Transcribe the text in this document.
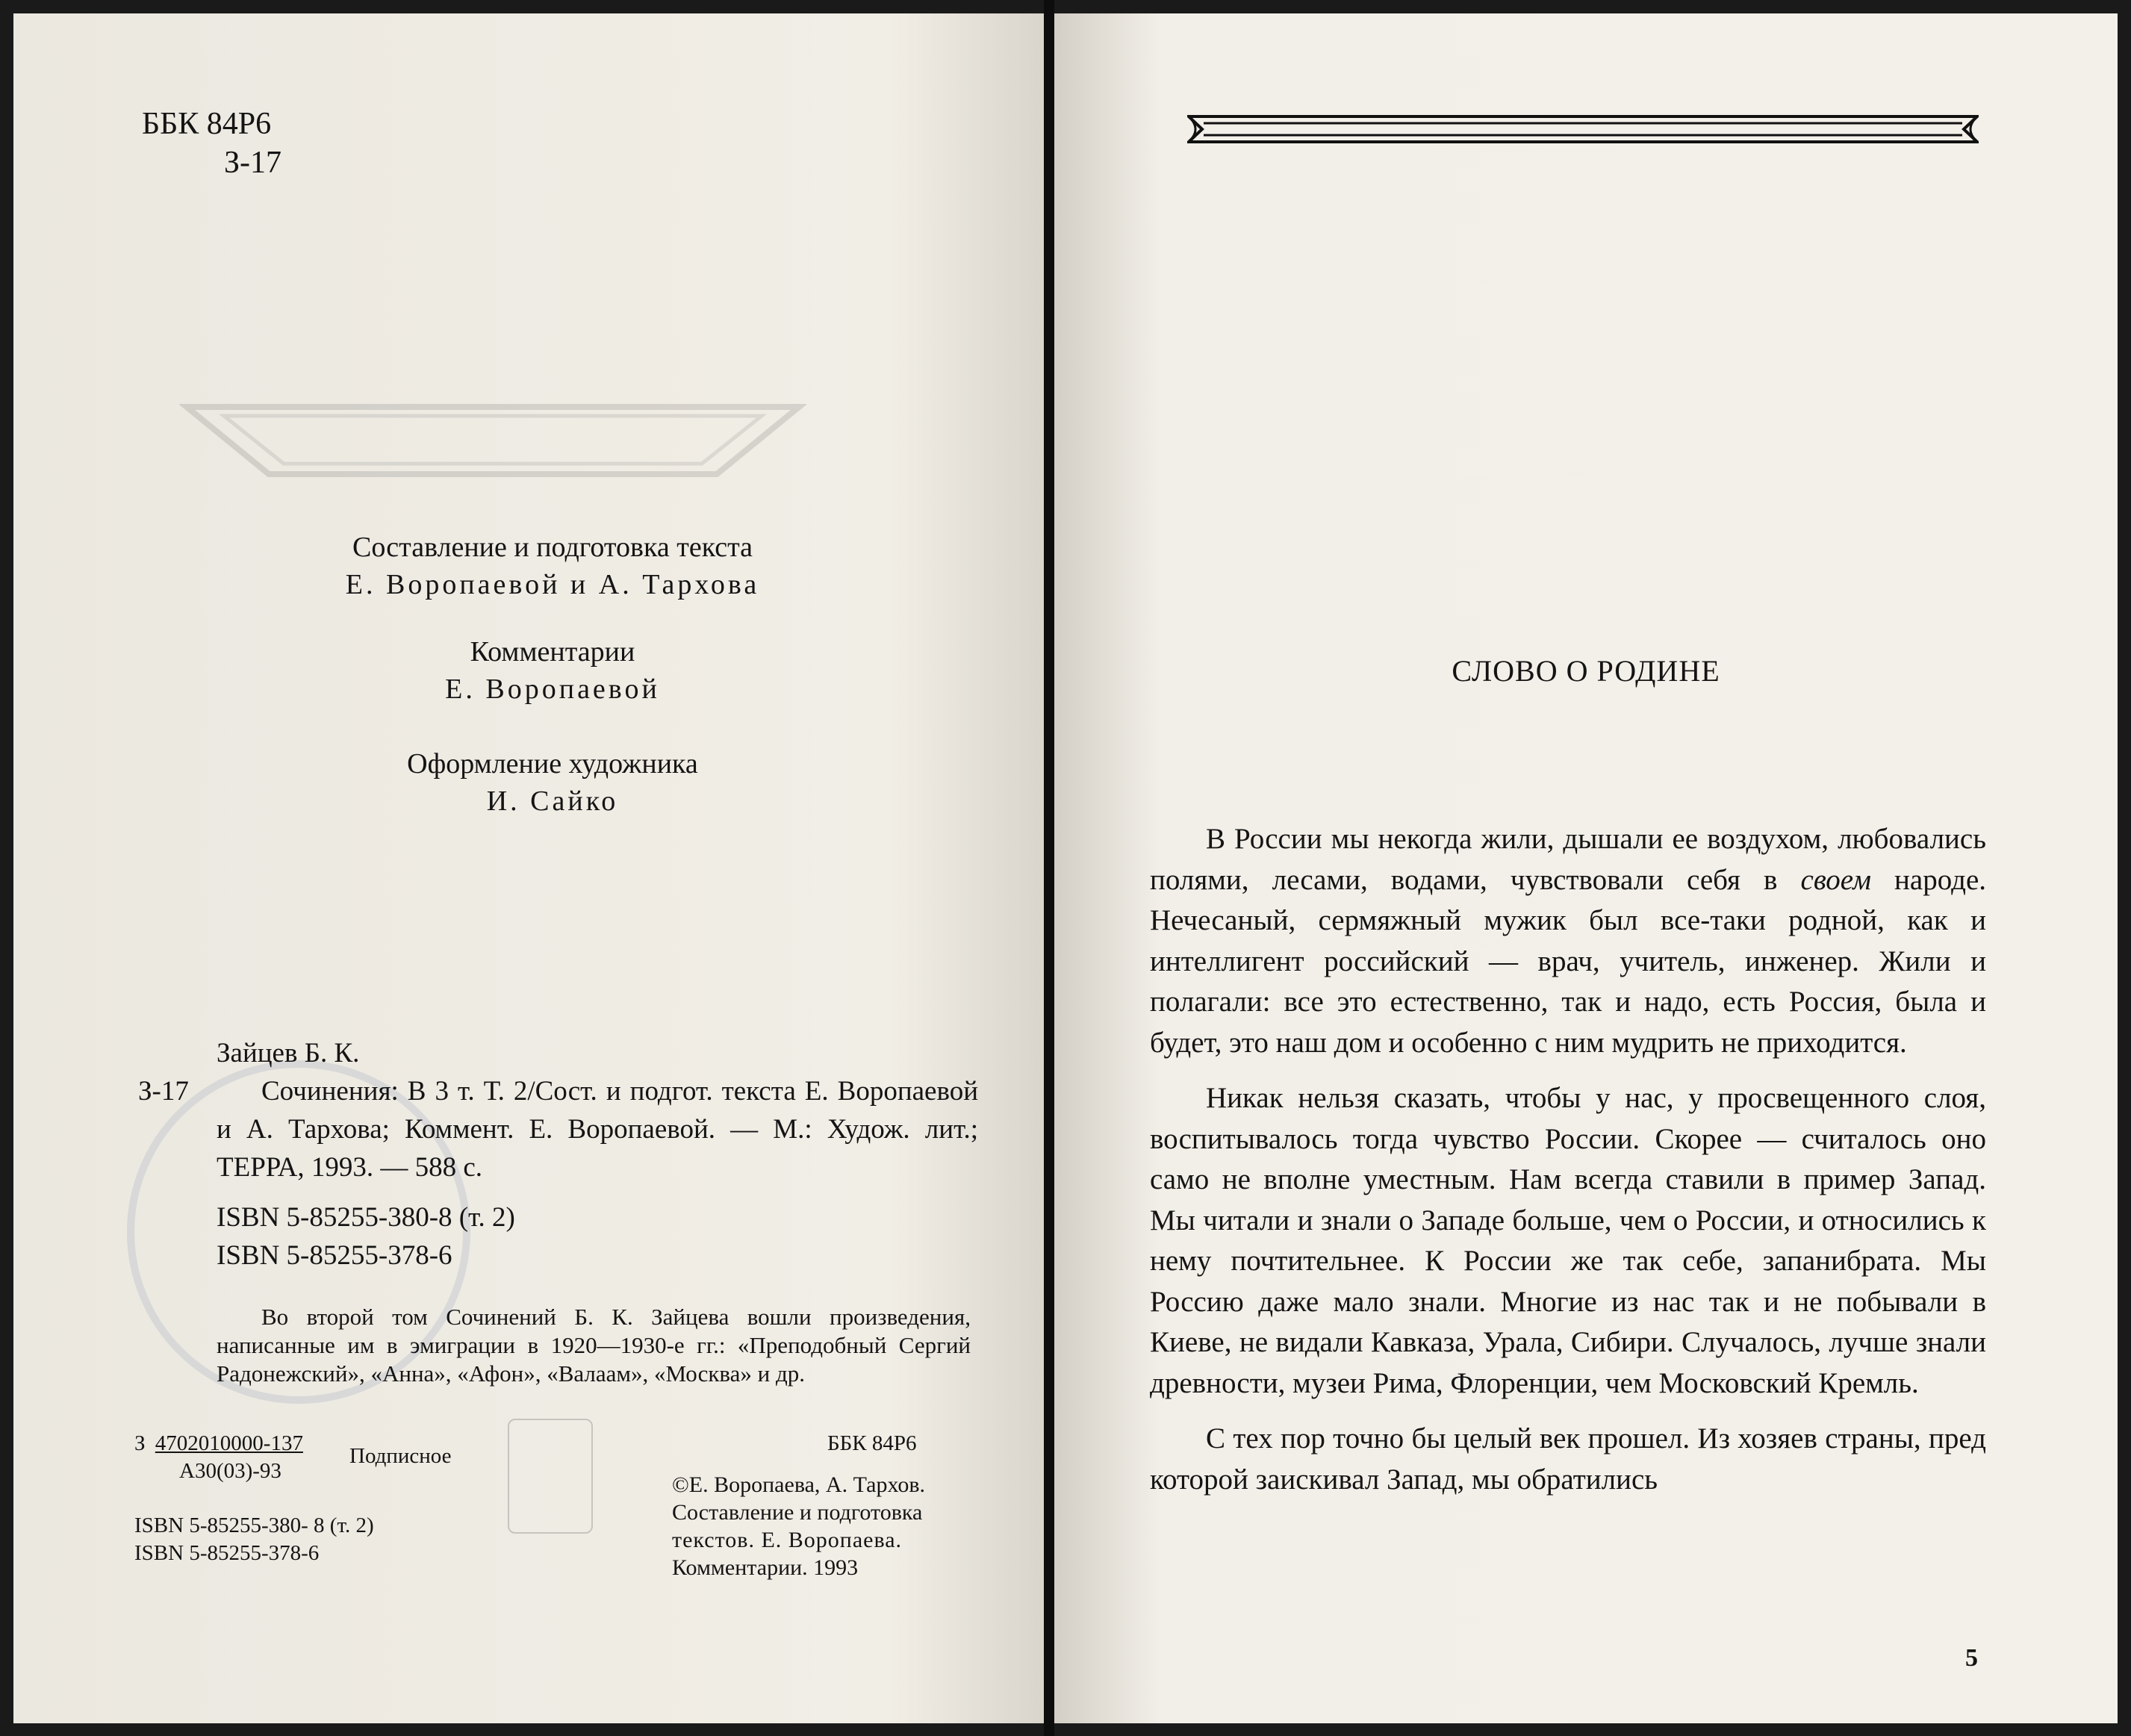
ББК 84Р6
З-17
Составление и подготовка текста
Е. Воропаевой и А. Тархова
Комментарии
Е. Воропаевой
Оформление художника
И. Сайко
Зайцев Б. К.
З-17	Сочинения: В 3 т. Т. 2/Сост. и подгот. текста Е. Воропаевой и А. Тархова; Коммент. Е. Воропаевой. — М.: Худож. лит.; ТЕРРА, 1993. — 588 с.
ISBN 5-85255-380-8 (т. 2)
ISBN 5-85255-378-6
Во второй том Сочинений Б. К. Зайцева вошли произведения, написанные им в эмиграции в 1920—1930-е гг.: «Преподобный Сергий Радонежский», «Анна», «Афон», «Валаам», «Москва» и др.
З 4702010000-137
А30(03)-93
Подписное
ISBN 5-85255-380- 8 (т. 2)
ISBN 5-85255-378-6
ББК 84Р6
©Е. Воропаева, А. Тархов.
Составление и подготовка
текстов. Е. Воропаева.
Комментарии. 1993
СЛОВО О РОДИНЕ

В России мы некогда жили, дышали ее воздухом, любовались полями, лесами, водами, чувствовали себя в своем народе. Нечесаный, сермяжный мужик был все-таки родной, как и интеллигент российский — врач, учитель, инженер. Жили и полагали: все это естественно, так и надо, есть Россия, была и будет, это наш дом и особенно с ним мудрить не приходится.

Никак нельзя сказать, чтобы у нас, у просвещенного слоя, воспитывалось тогда чувство России. Скорее — считалось оно само не вполне уместным. Нам всегда ставили в пример Запад. Мы читали и знали о Западе больше, чем о России, и относились к нему почтительнее. К России же так себе, запанибрата. Мы Россию даже мало знали. Многие из нас так и не побывали в Киеве, не видали Кавказа, Урала, Сибири. Случалось, лучше знали древности, музеи Рима, Флоренции, чем Московский Кремль.

С тех пор точно бы целый век прошел. Из хозяев страны, пред которой заискивал Запад, мы обратились

5
